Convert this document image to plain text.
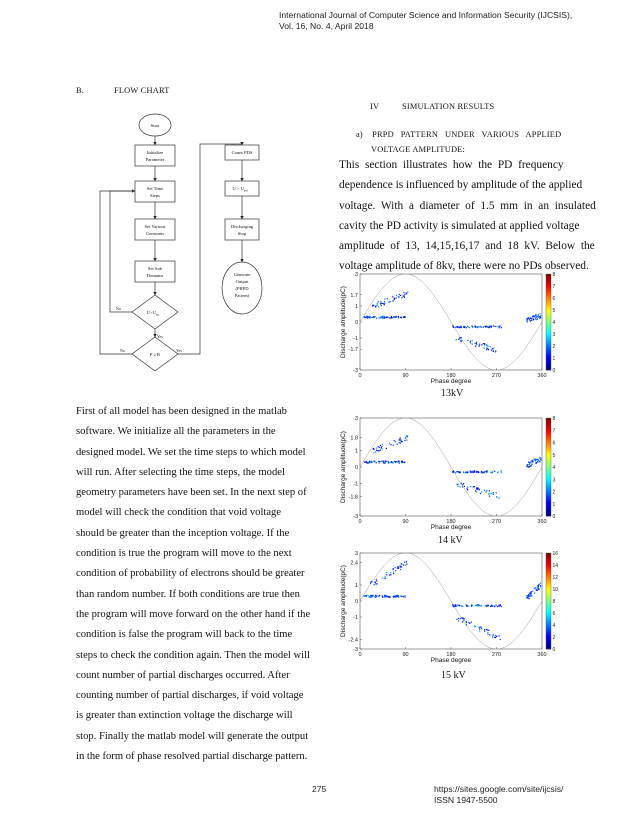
International Journal of Computer Science and Information Security (IJCSIS),
Vol. 16, No. 4, April 2018
B.	FLOW CHART
Start
Initialize
Parameter
Set Time
Steps
Set Various
Constants
Set Sub
Domains
$U>U_{inc}$
P ≥ R
Count PDS
$U > U_{ext}$
Discharging
Stop
Generate
Output
(PRPD
Pattern)
No
Yes
No	Yes
First of all model has been designed in the matlab
software. We initialize all the parameters in the
designed model. We set the time steps to which model
will run. After selecting the time steps, the model
geometry parameters have been set. In the next step of
model will check the condition that void voltage
should be greater than the inception voltage. If the
condition is true the program will move to the next
condition of probability of electrons should be greater
than random number. If both conditions are true then
the program will move forward on the other hand if the
condition is false the program will back to the time
steps to check the condition again. Then the model will
count number of partial discharges occurred. After
counting number of partial discharges, if void voltage
is greater than extinction voltage the discharge will
stop. Finally the matlab model will generate the output
in the form of phase resolved partial discharge pattern.
IV          SIMULATION RESULTS
a)    PRPD   PATTERN   UNDER   VARIOUS   APPLIED
VOLTAGE AMPLITUDE:
This  section  illustrates  how  the  PD  frequency
dependence is influenced by amplitude of the applied
voltage.  With  a  diameter  of  1.5  mm  in  an  insulated
cavity the PD activity is simulated at applied voltage
amplitude  of  13,  14,15,16,17  and  18  kV.  Below  the
voltage amplitude of 8kv, there were no PDs observed.
0	90	180	270	360
3
1.7
1
0
-1
-1.7
-3
Phase degree
Discharge amplitude(pC)
0
1
2
3
4
5
6
7
8
13kV
0	90	180	270	360
3
1.8
1
0
-1
-1.8
-3
Phase degree
Discharge amplitude(pC)
0
1
2
3
4
5
6
7
8
14 kV
0	90	180	270	360
3
2.4
1
0
-1
-2.4
-3
Phase degree
Discharge amplitude(pC)
0
2
4
6
8
10
12
14
16
15 kV
275	https://sites.google.com/site/ijcsis/
ISSN 1947-5500
